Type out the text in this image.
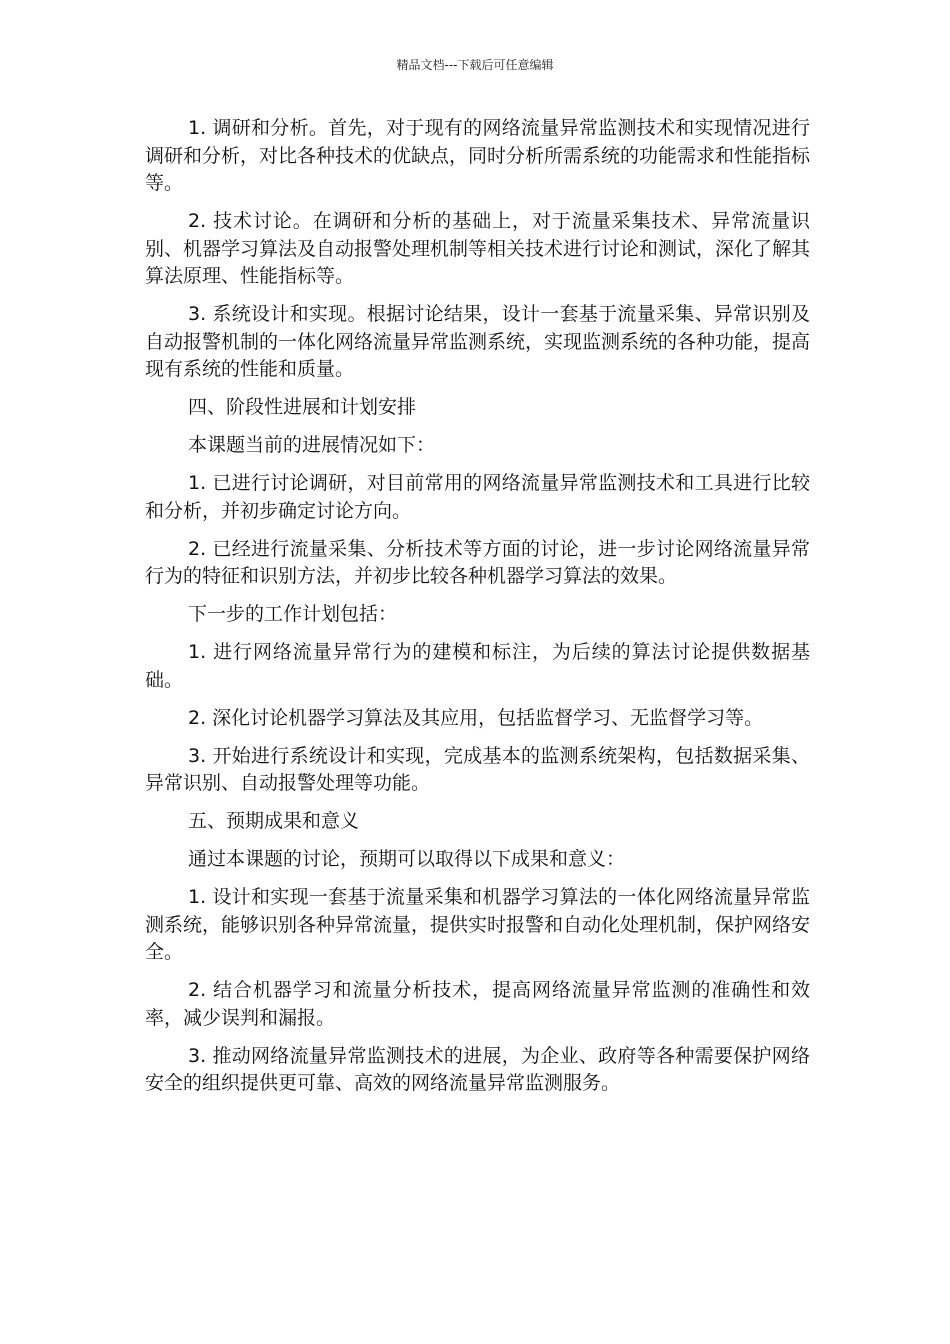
精品文档---下载后可任意编辑

1. 调研和分析。首先，对于现有的网络流量异常监测技术和实现情况进行调研和分析，对比各种技术的优缺点，同时分析所需系统的功能需求和性能指标等。

2. 技术讨论。在调研和分析的基础上，对于流量采集技术、异常流量识别、机器学习算法及自动报警处理机制等相关技术进行讨论和测试，深化了解其算法原理、性能指标等。

3. 系统设计和实现。根据讨论结果，设计一套基于流量采集、异常识别及自动报警机制的一体化网络流量异常监测系统，实现监测系统的各种功能，提高现有系统的性能和质量。

四、阶段性进展和计划安排

本课题当前的进展情况如下：

1. 已进行讨论调研，对目前常用的网络流量异常监测技术和工具进行比较和分析，并初步确定讨论方向。

2. 已经进行流量采集、分析技术等方面的讨论，进一步讨论网络流量异常行为的特征和识别方法，并初步比较各种机器学习算法的效果。

下一步的工作计划包括：

1. 进行网络流量异常行为的建模和标注，为后续的算法讨论提供数据基础。

2. 深化讨论机器学习算法及其应用，包括监督学习、无监督学习等。

3. 开始进行系统设计和实现，完成基本的监测系统架构，包括数据采集、异常识别、自动报警处理等功能。

五、预期成果和意义

通过本课题的讨论，预期可以取得以下成果和意义：

1. 设计和实现一套基于流量采集和机器学习算法的一体化网络流量异常监测系统，能够识别各种异常流量，提供实时报警和自动化处理机制，保护网络安全。

2. 结合机器学习和流量分析技术，提高网络流量异常监测的准确性和效率，减少误判和漏报。

3. 推动网络流量异常监测技术的进展，为企业、政府等各种需要保护网络安全的组织提供更可靠、高效的网络流量异常监测服务。
